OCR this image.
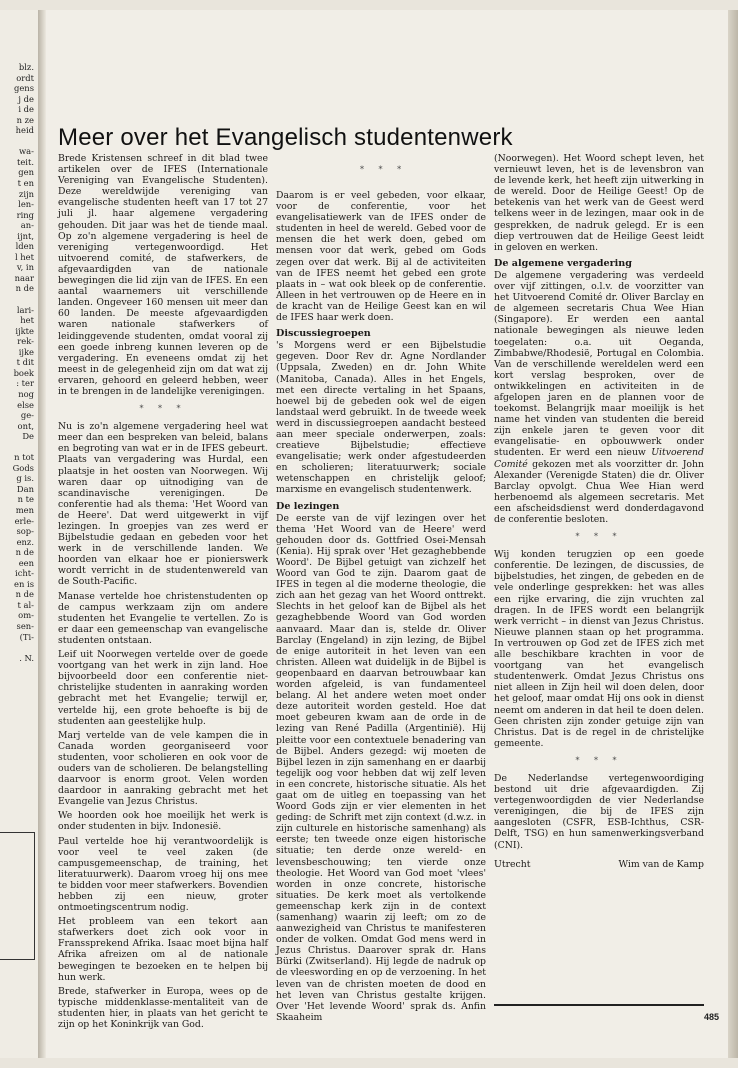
blz.
ordt
gens
j de
i de
n ze
heid

wa-
teit.
gen
t en
zijn
len-
ring
an-
ijnt,
lden
l het
v, in
naar
n de

lari-
het
ijkte
rek-
ijke
t dit
boek
: ter
nog
else
ge-
ont,
De

n tot
Gods
g is.
Dan
n te
men
erle-
sop-
enz.
n de
een
icht-
en is
n de
t al-
om-
sen-
(Ti-

. N.
Meer over het Evangelisch studentenwerk
* * *

Brede Kristensen schreef in dit blad twee artikelen over de IFES (Internationale Vereniging van Evangelische Studenten). Deze wereldwijde vereniging van evangelische studenten heeft van 17 tot 27 juli jl. haar algemene vergadering gehouden. Dit jaar was het de tiende maal. Op zo'n algemene vergadering is heel de vereniging vertegenwoordigd. Het uitvoerend comité, de stafwerkers, de afgevaardigden van de nationale bewegingen die lid zijn van de IFES. En een aantal waarnemers uit verschillende landen. Ongeveer 160 mensen uit meer dan 60 landen. De meeste afgevaardigden waren nationale stafwerkers of leidinggevende studenten, omdat vooral zij een goede inbreng kunnen leveren op de vergadering. En eveneens omdat zij het meest in de gelegenheid zijn om dat wat zij ervaren, gehoord en geleerd hebben, weer in te brengen in de landelijke verenigingen.

* * *

Nu is zo'n algemene vergadering heel wat meer dan een bespreken van beleid, balans en begroting van wat er in de IFES gebeurt. Plaats van vergadering was Hurdal, een plaatsje in het oosten van Noorwegen. Wij waren daar op uitnodiging van de scandinavische verenigingen. De conferentie had als thema: 'Het Woord van de Heere'. Dat werd uitgewerkt in vijf lezingen. In groepjes van zes werd er Bijbelstudie gedaan en gebeden voor het werk in de verschillende landen. We hoorden van elkaar hoe er pionierswerk wordt verricht in de studentenwereld van de South-Pacific.

Manase vertelde hoe christenstudenten op de campus werkzaam zijn om andere studenten het Evangelie te vertellen. Zo is er daar een gemeenschap van evangelische studenten ontstaan.

Leif uit Noorwegen vertelde over de goede voortgang van het werk in zijn land. Hoe bijvoorbeeld door een conferentie niet-christelijke studenten in aanraking worden gebracht met het Evangelie; terwijl er, vertelde hij, een grote behoefte is bij de studenten aan geestelijke hulp.

Marj vertelde van de vele kampen die in Canada worden georganiseerd voor studenten, voor scholieren en ook voor de ouders van de scholieren. De belangstelling daarvoor is enorm groot. Velen worden daardoor in aanraking gebracht met het Evangelie van Jezus Christus.

We hoorden ook hoe moeilijk het werk is onder studenten in bijv. Indonesië.

Paul vertelde hoe hij verantwoordelijk is voor veel te veel zaken (de campusgemeenschap, de training, het literatuurwerk). Daarom vroeg hij ons mee te bidden voor meer stafwerkers. Bovendien hebben zij een nieuw, groter ontmoetingscentrum nodig.

Het probleem van een tekort aan stafwerkers doet zich ook voor in Franssprekend Afrika. Isaac moet bijna half Afrika afreizen om al de nationale bewegingen te bezoeken en te helpen bij hun werk.

Brede, stafwerker in Europa, wees op de typische middenklasse-mentaliteit van de studenten hier, in plaats van het gericht te zijn op het Koninkrijk van God.

Daarom is er veel gebeden, voor elkaar, voor de conferentie, voor het evangelisatiewerk van de IFES onder de studenten in heel de wereld. Gebed voor de mensen die het werk doen, gebed om mensen voor dat werk, gebed om Gods zegen over dat werk. Bij al de activiteiten van de IFES neemt het gebed een grote plaats in – wat ook bleek op de conferentie. Alleen in het vertrouwen op de Heere en in de kracht van de Heilige Geest kan en wil de IFES haar werk doen.

Discussiegroepen

's Morgens werd er een Bijbelstudie gegeven. Door Rev dr. Agne Nordlander (Uppsala, Zweden) en dr. John White (Manitoba, Canada). Alles in het Engels, met een directe vertaling in het Spaans, hoewel bij de gebeden ook wel de eigen landstaal werd gebruikt. In de tweede week werd in discussiegroepen aandacht besteed aan meer speciale onderwerpen, zoals: creatieve Bijbelstudie; effectieve evangelisatie; werk onder afgestudeerden en scholieren; literatuurwerk; sociale wetenschappen en christelijk geloof; marxisme en evangelisch studentenwerk.

De lezingen

De eerste van de vijf lezingen over het thema 'Het Woord van de Heere' werd gehouden door ds. Gottfried Osei-Mensah (Kenia). Hij sprak over 'Het gezaghebbende Woord'. De Bijbel getuigt van zichzelf het Woord van God te zijn. Daarom gaat de IFES in tegen al die moderne theologie, die zich aan het gezag van het Woord onttrekt. Slechts in het geloof kan de Bijbel als het gezaghebbende Woord van God worden aanvaard. Maar dan is, stelde dr. Oliver Barclay (Engeland) in zijn lezing, de Bijbel de enige autoriteit in het leven van een christen. Alleen wat duidelijk in de Bijbel is geopenbaard en daarvan betrouwbaar kan worden afgeleid, is van fundamenteel belang. Al het andere weten moet onder deze autoriteit worden gesteld. Hoe dat moet gebeuren kwam aan de orde in de lezing van René Padilla (Argentinië). Hij pleitte voor een contextuele benadering van de Bijbel. Anders gezegd: wij moeten de Bijbel lezen in zijn samenhang en er daarbij tegelijk oog voor hebben dat wij zelf leven in een concrete, historische situatie. Als het gaat om de uitleg en toepassing van het Woord Gods zijn er vier elementen in het geding: de Schrift met zijn context (d.w.z. in zijn culturele en historische samenhang) als eerste; ten tweede onze eigen historische situatie; ten derde onze wereld- en levensbeschouwing; ten vierde onze theologie. Het Woord van God moet 'vlees' worden in onze concrete, historische situaties. De kerk moet als vertolkende gemeenschap kerk zijn in de context (samenhang) waarin zij leeft; om zo de aanwezigheid van Christus te manifesteren onder de volken. Omdat God mens werd in Jezus Christus. Daarover sprak dr. Hans Bürki (Zwitserland). Hij legde de nadruk op de vleeswording en op de verzoening. In het leven van de christen moeten de dood en het leven van Christus gestalte krijgen. Over 'Het levende Woord' sprak ds. Anfin Skaaheim

(Noorwegen). Het Woord schept leven, het vernieuwt leven, het is de levensbron van de levende kerk, het heeft zijn uitwerking in de wereld. Door de Heilige Geest! Op de betekenis van het werk van de Geest werd telkens weer in de lezingen, maar ook in de gesprekken, de nadruk gelegd. Er is een diep vertrouwen dat de Heilige Geest leidt in geloven en werken.

De algemene vergadering

De algemene vergadering was verdeeld over vijf zittingen, o.l.v. de voorzitter van het Uitvoerend Comité dr. Oliver Barclay en de algemeen secretaris Chua Wee Hian (Singapore). Er werden een aantal nationale bewegingen als nieuwe leden toegelaten: o.a. uit Oeganda, Zimbabwe/Rhodesië, Portugal en Colombia. Van de verschillende wereldelen werd een kort verslag besproken, over de ontwikkelingen en activiteiten in de afgelopen jaren en de plannen voor de toekomst. Belangrijk maar moeilijk is het name het vinden van studenten die bereid zijn enkele jaren te geven voor dit evangelisatie- en opbouwwerk onder studenten. Er werd een nieuw Uitvoerend Comité gekozen met als voorzitter dr. John Alexander (Verenigde Staten) die dr. Oliver Barclay opvolgt. Chua Wee Hian werd herbenoemd als algemeen secretaris. Met een afscheidsdienst werd donderdagavond de conferentie besloten.

* * *

Wij konden terugzien op een goede conferentie. De lezingen, de discussies, de bijbelstudies, het zingen, de gebeden en de vele onderlinge gesprekken: het was alles een rijke ervaring, die zijn vruchten zal dragen. In de IFES wordt een belangrijk werk verricht – in dienst van Jezus Christus. Nieuwe plannen staan op het programma. In vertrouwen op God zet de IFES zich met alle beschikbare krachten in voor de voortgang van het evangelisch studentenwerk. Omdat Jezus Christus ons niet alleen in Zijn heil wil doen delen, door het geloof, maar omdat Hij ons ook in dienst neemt om anderen in dat heil te doen delen. Geen christen zijn zonder getuige zijn van Christus. Dat is de regel in de christelijke gemeente.

* * *

De Nederlandse vertegenwoordiging bestond uit drie afgevaardigden. Zij vertegenwoordigden de vier Nederlandse verenigingen, die bij de IFES zijn aangesloten (CSFR, ESB-Ichthus, CSR-Delft, TSG) en hun samenwerkingsverband (CNI).

Utrecht	Wim van de Kamp
485
